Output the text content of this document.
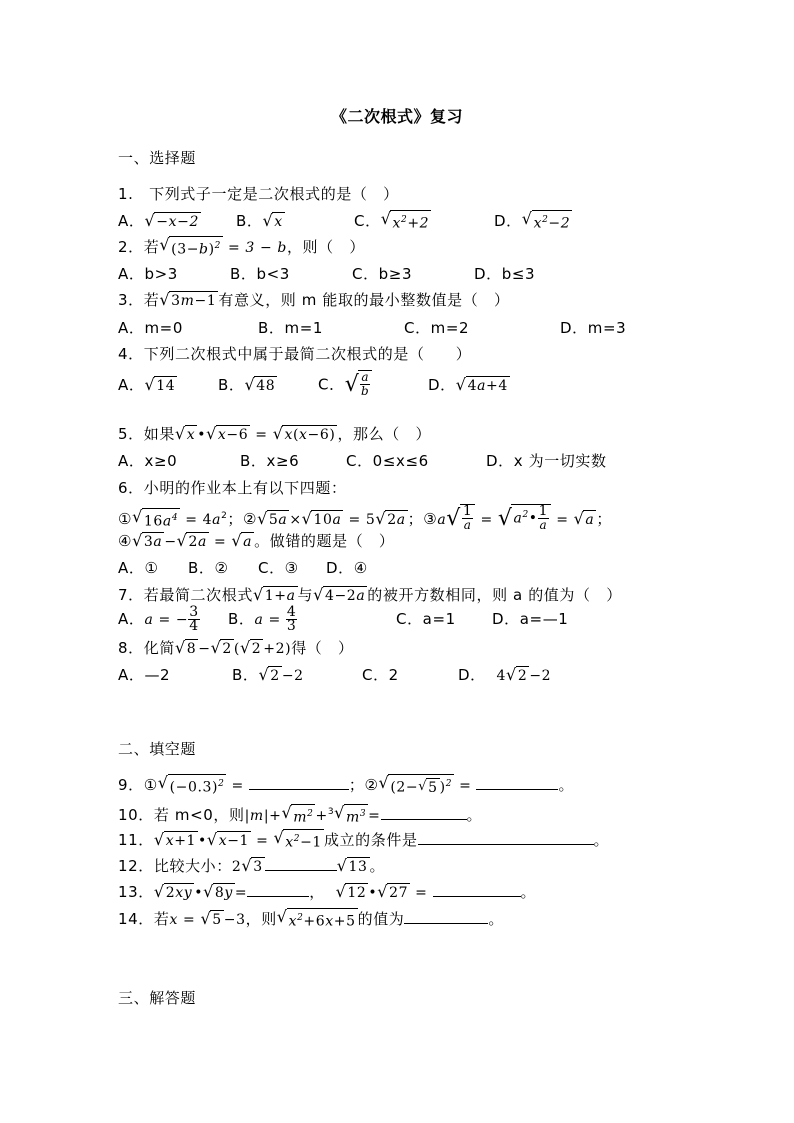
《二次根式》复习
一、选择题
1.　下列式子一定是二次根式的是（　）
A． √ −x−2 B． √ x	C． √ $x^2+2$	D． √ $x^2-2$
2．若 √ $(3-b)^2 = 3 - b$，则（　）
A．b>3	B．b<3	C．b≥3	D．b≤3
3．若 √ 3m−1 有意义，则 m 能取的最小整数值是（　）
A．m=0	B．m=1	C．m=2	D．m=3
4．下列二次根式中属于最简二次根式的是（　　）
A． √ 14	B． √ 48	C． √ $\frac{a}{b}$	D． √ 4a+4
5．如果 √ x • √ x−6 = √ x(x−6) ，那么（　）
A．x≥0	B．x≥6	C．0≤x≤6	D．x 为一切实数
6．小明的作业本上有以下四题：
① √ $16a^4 = 4a^2$；② √ 5a × √ 10a = 5 √ 2a ；③a √ $\frac{1}{a}$ = √ $a^2• \frac{1}{a}$ = √ a ；
④ √ 3a − √ 2a = √ a 。做错的题是（　）
A．① B．② C．③ D．④
7．若最简二次根式 √ 1+a 与 √ 4−2a 的被开方数相同，则 a 的值为（　）
A．a = − $\frac{3}{4}$ B．$a = \frac{4}{3}$	C．a=1 D．a=—1
8．化简 √ 8 − √ 2 ( √ 2 +2)得（　）
A．—2	B． √ 2 −2	C．2	D． 4 √ 2 −2
二、填空题
9．① √ $(-0.3)^2$ =	；② √ (2− √ 5 )$^2$ =	。
10．若 m<0，则|m|+ √ $m^2 +^3$ √ $m^3$ =	。
11． √ x+1 • √ x−1 = √ $x^2-1$ 成立的条件是	。
12．比较大小：2 √ 3	√ 13 。
13． √ 2xy • √ 8y =	， √ 12 • √ 27 =	。
14．若x = √ 5 −3，则 √ $x^2+6x+5$ 的值为	。
三、解答题
